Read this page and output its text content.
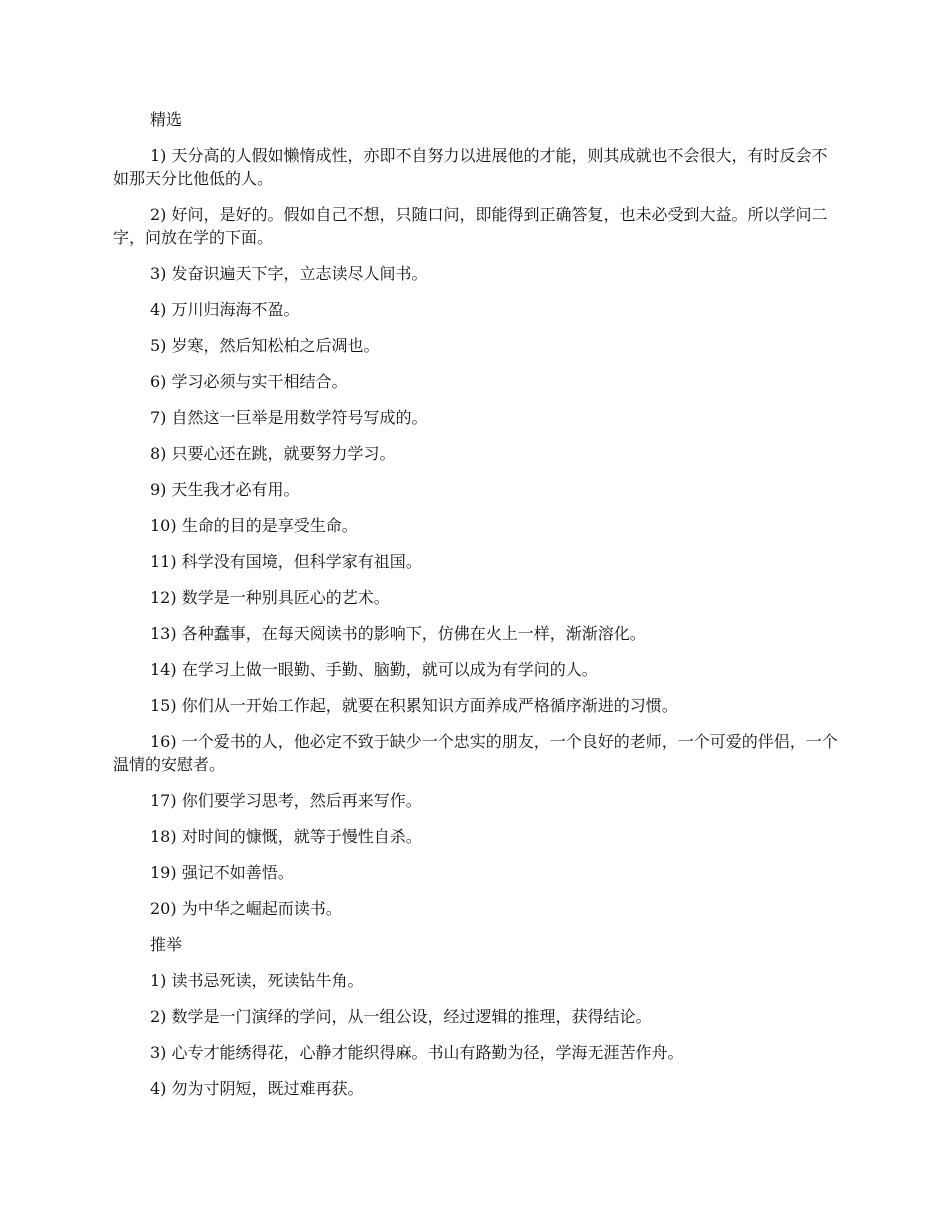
精选

1) 天分高的人假如懒惰成性，亦即不自努力以进展他的才能，则其成就也不会很大，有时反会不如那天分比他低的人。

2) 好问，是好的。假如自己不想，只随口问，即能得到正确答复，也未必受到大益。所以学问二字，问放在学的下面。

3) 发奋识遍天下字，立志读尽人间书。

4) 万川归海海不盈。

5) 岁寒，然后知松柏之后凋也。

6) 学习必须与实干相结合。

7) 自然这一巨举是用数学符号写成的。

8) 只要心还在跳，就要努力学习。

9) 天生我才必有用。

10) 生命的目的是享受生命。

11) 科学没有国境，但科学家有祖国。

12) 数学是一种别具匠心的艺术。

13) 各种蠢事，在每天阅读书的影响下，仿佛在火上一样，渐渐溶化。

14) 在学习上做一眼勤、手勤、脑勤，就可以成为有学问的人。

15) 你们从一开始工作起，就要在积累知识方面养成严格循序渐进的习惯。

16) 一个爱书的人，他必定不致于缺少一个忠实的朋友，一个良好的老师，一个可爱的伴侣，一个温情的安慰者。

17) 你们要学习思考，然后再来写作。

18) 对时间的慷慨，就等于慢性自杀。

19) 强记不如善悟。

20) 为中华之崛起而读书。

推举

1) 读书忌死读，死读钻牛角。

2) 数学是一门演绎的学问，从一组公设，经过逻辑的推理，获得结论。

3) 心专才能绣得花，心静才能织得麻。书山有路勤为径，学海无涯苦作舟。

4) 勿为寸阴短，既过难再获。
